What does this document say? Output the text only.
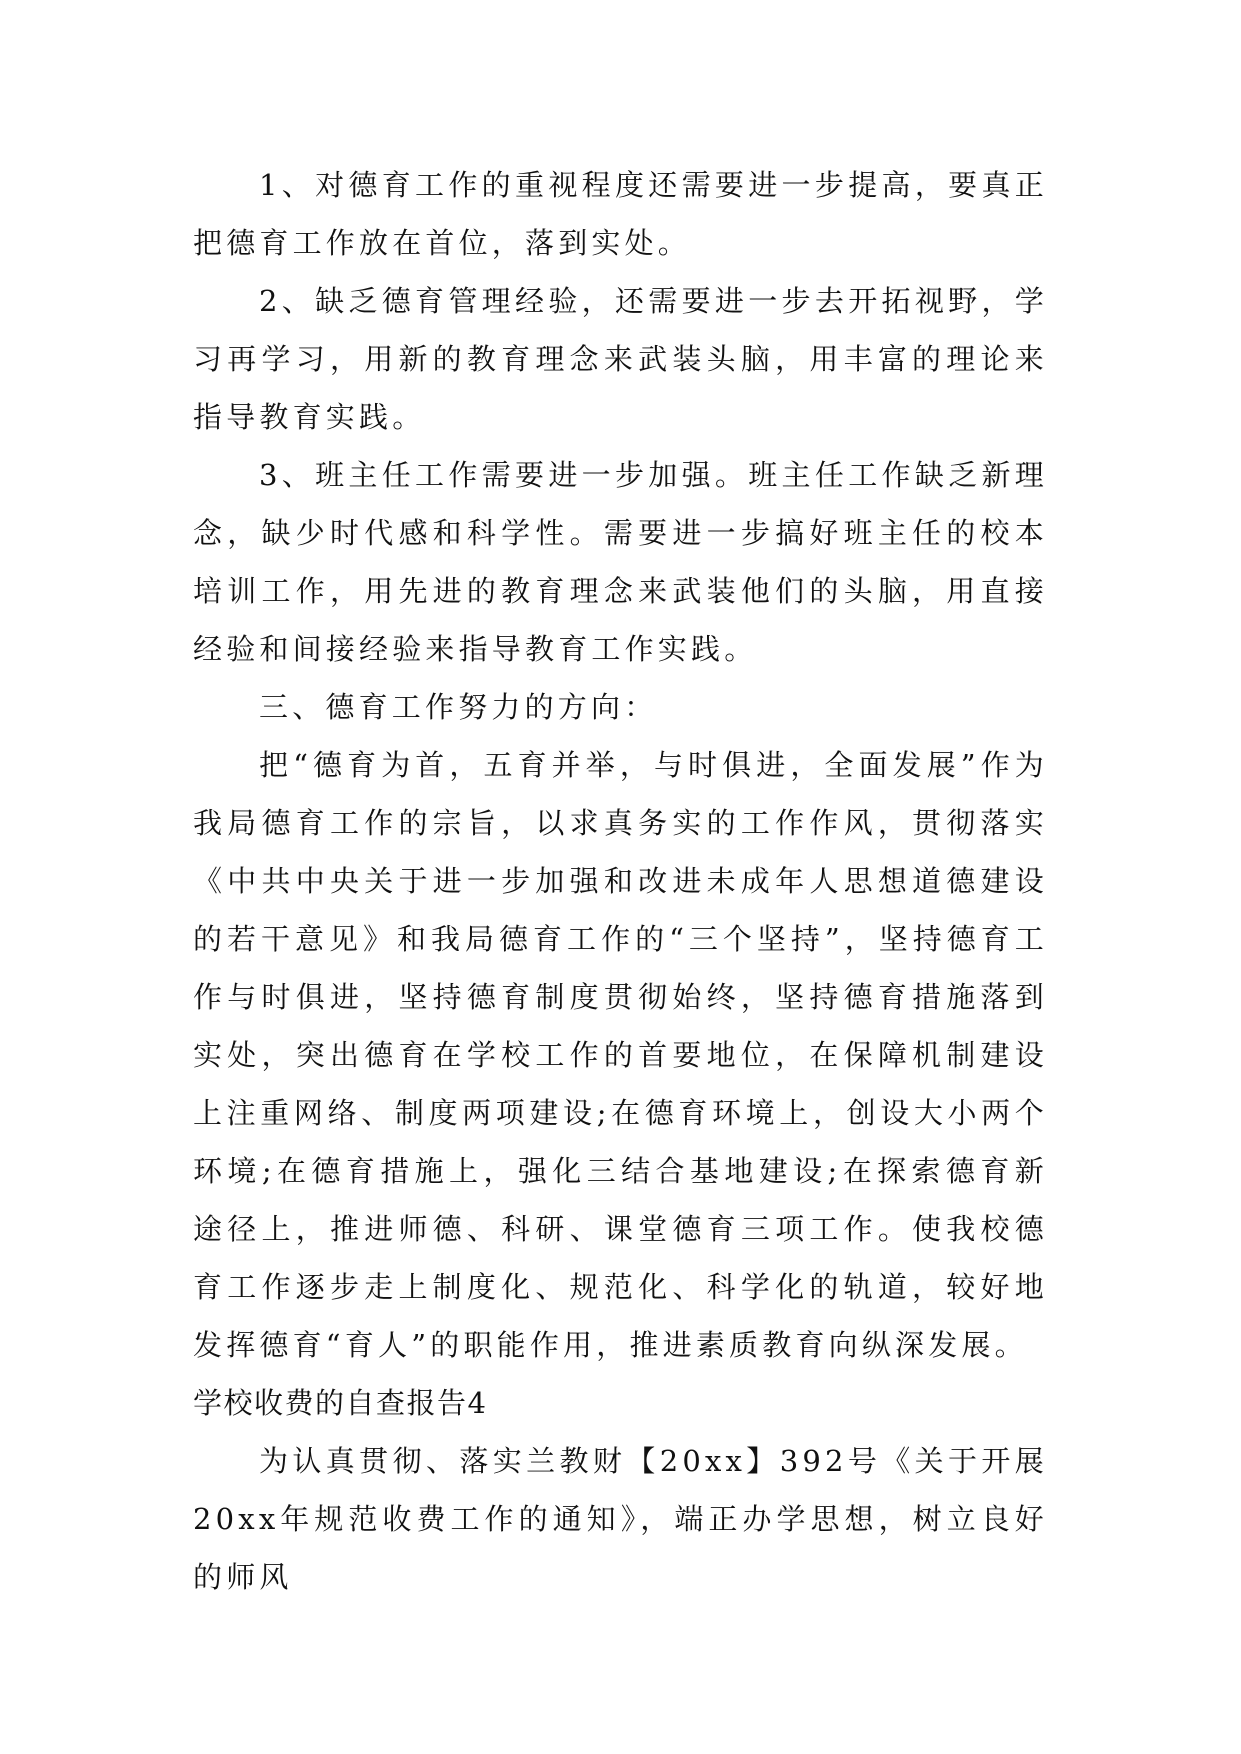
1、对德育工作的重视程度还需要进一步提高，要真正把德育工作放在首位，落到实处。

2、缺乏德育管理经验，还需要进一步去开拓视野，学习再学习，用新的教育理念来武装头脑，用丰富的理论来指导教育实践。

3、班主任工作需要进一步加强。班主任工作缺乏新理念，缺少时代感和科学性。需要进一步搞好班主任的校本培训工作，用先进的教育理念来武装他们的头脑，用直接经验和间接经验来指导教育工作实践。

三、德育工作努力的方向：

把“德育为首，五育并举，与时俱进，全面发展”作为我局德育工作的宗旨，以求真务实的工作作风，贯彻落实《中共中央关于进一步加强和改进未成年人思想道德建设的若干意见》和我局德育工作的“三个坚持”，坚持德育工作与时俱进，坚持德育制度贯彻始终，坚持德育措施落到实处，突出德育在学校工作的首要地位，在保障机制建设上注重网络、制度两项建设;在德育环境上，创设大小两个环境;在德育措施上，强化三结合基地建设;在探索德育新途径上，推进师德、科研、课堂德育三项工作。使我校德育工作逐步走上制度化、规范化、科学化的轨道，较好地发挥德育“育人”的职能作用，推进素质教育向纵深发展。

学校收费的自查报告4

为认真贯彻、落实兰教财【20xx】392号《关于开展20xx年规范收费工作的通知》，端正办学思想，树立良好的师风
